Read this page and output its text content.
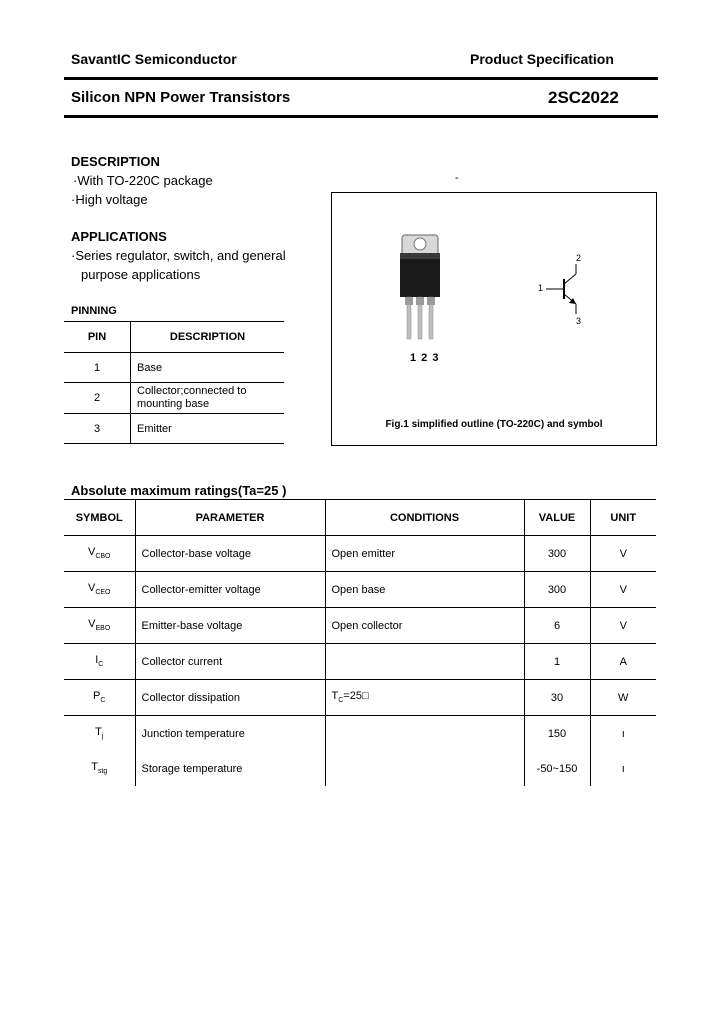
SavantIC Semiconductor	Product Specification
Silicon NPN Power Transistors	2SC2022
DESCRIPTION
·With TO-220C package
·High voltage
APPLICATIONS
·Series regulator, switch, and general
purpose applications
PINNING
PIN	DESCRIPTION
1	Base
2	Collector;connected to mounting base
3	Emitter
-
1 2 3
1
2
3
Fig.1 simplified outline (TO-220C) and symbol
Absolute maximum ratings(Ta=25 )
SYMBOL	PARAMETER	CONDITIONS	VALUE	UNIT
$V_{CBO}$	Collector-base voltage	Open emitter	300	V
$V_{CEO}$	Collector-emitter voltage	Open base	300	V
$V_{EBO}$	Emitter-base voltage	Open collector	6	V
$I_C$	Collector current		1	A
$P_C$	Collector dissipation	$T_C=25□$	30	W
$T_j$	Junction temperature		150	ı
$T_{stg}$	Storage temperature		-50~150	ı
